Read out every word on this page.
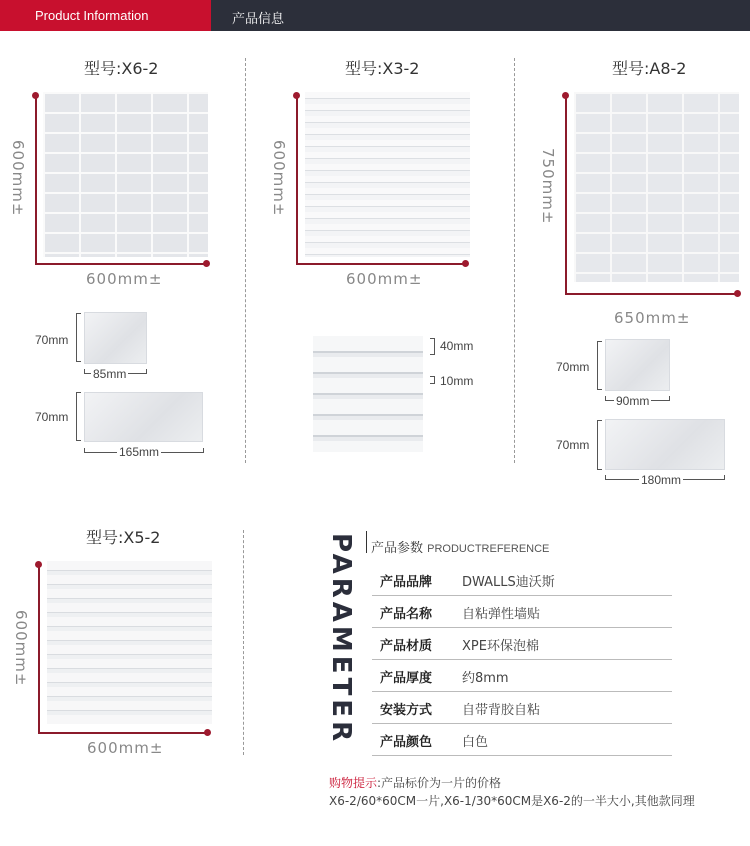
Product Information	产品信息
型号:X6-2
600mm±
600mm±
70mm
85mm
70mm
165mm
型号:X3-2
600mm±
600mm±
40mm
10mm
型号:A8-2
750mm±
650mm±
70mm
90mm
70mm
180mm
型号:X5-2
600mm±
600mm±
PARAMETER 产品参数 PRODUCTREFERENCE
产品品牌 DWALLS迪沃斯
产品名称 自粘弹性墙贴
产品材质 XPE环保泡棉
产品厚度 约8mm
安装方式 自带背胶自粘
产品颜色 白色
购物提示:产品标价为一片的价格
X6-2/60*60CM一片,X6-1/30*60CM是X6-2的一半大小,其他款同理
